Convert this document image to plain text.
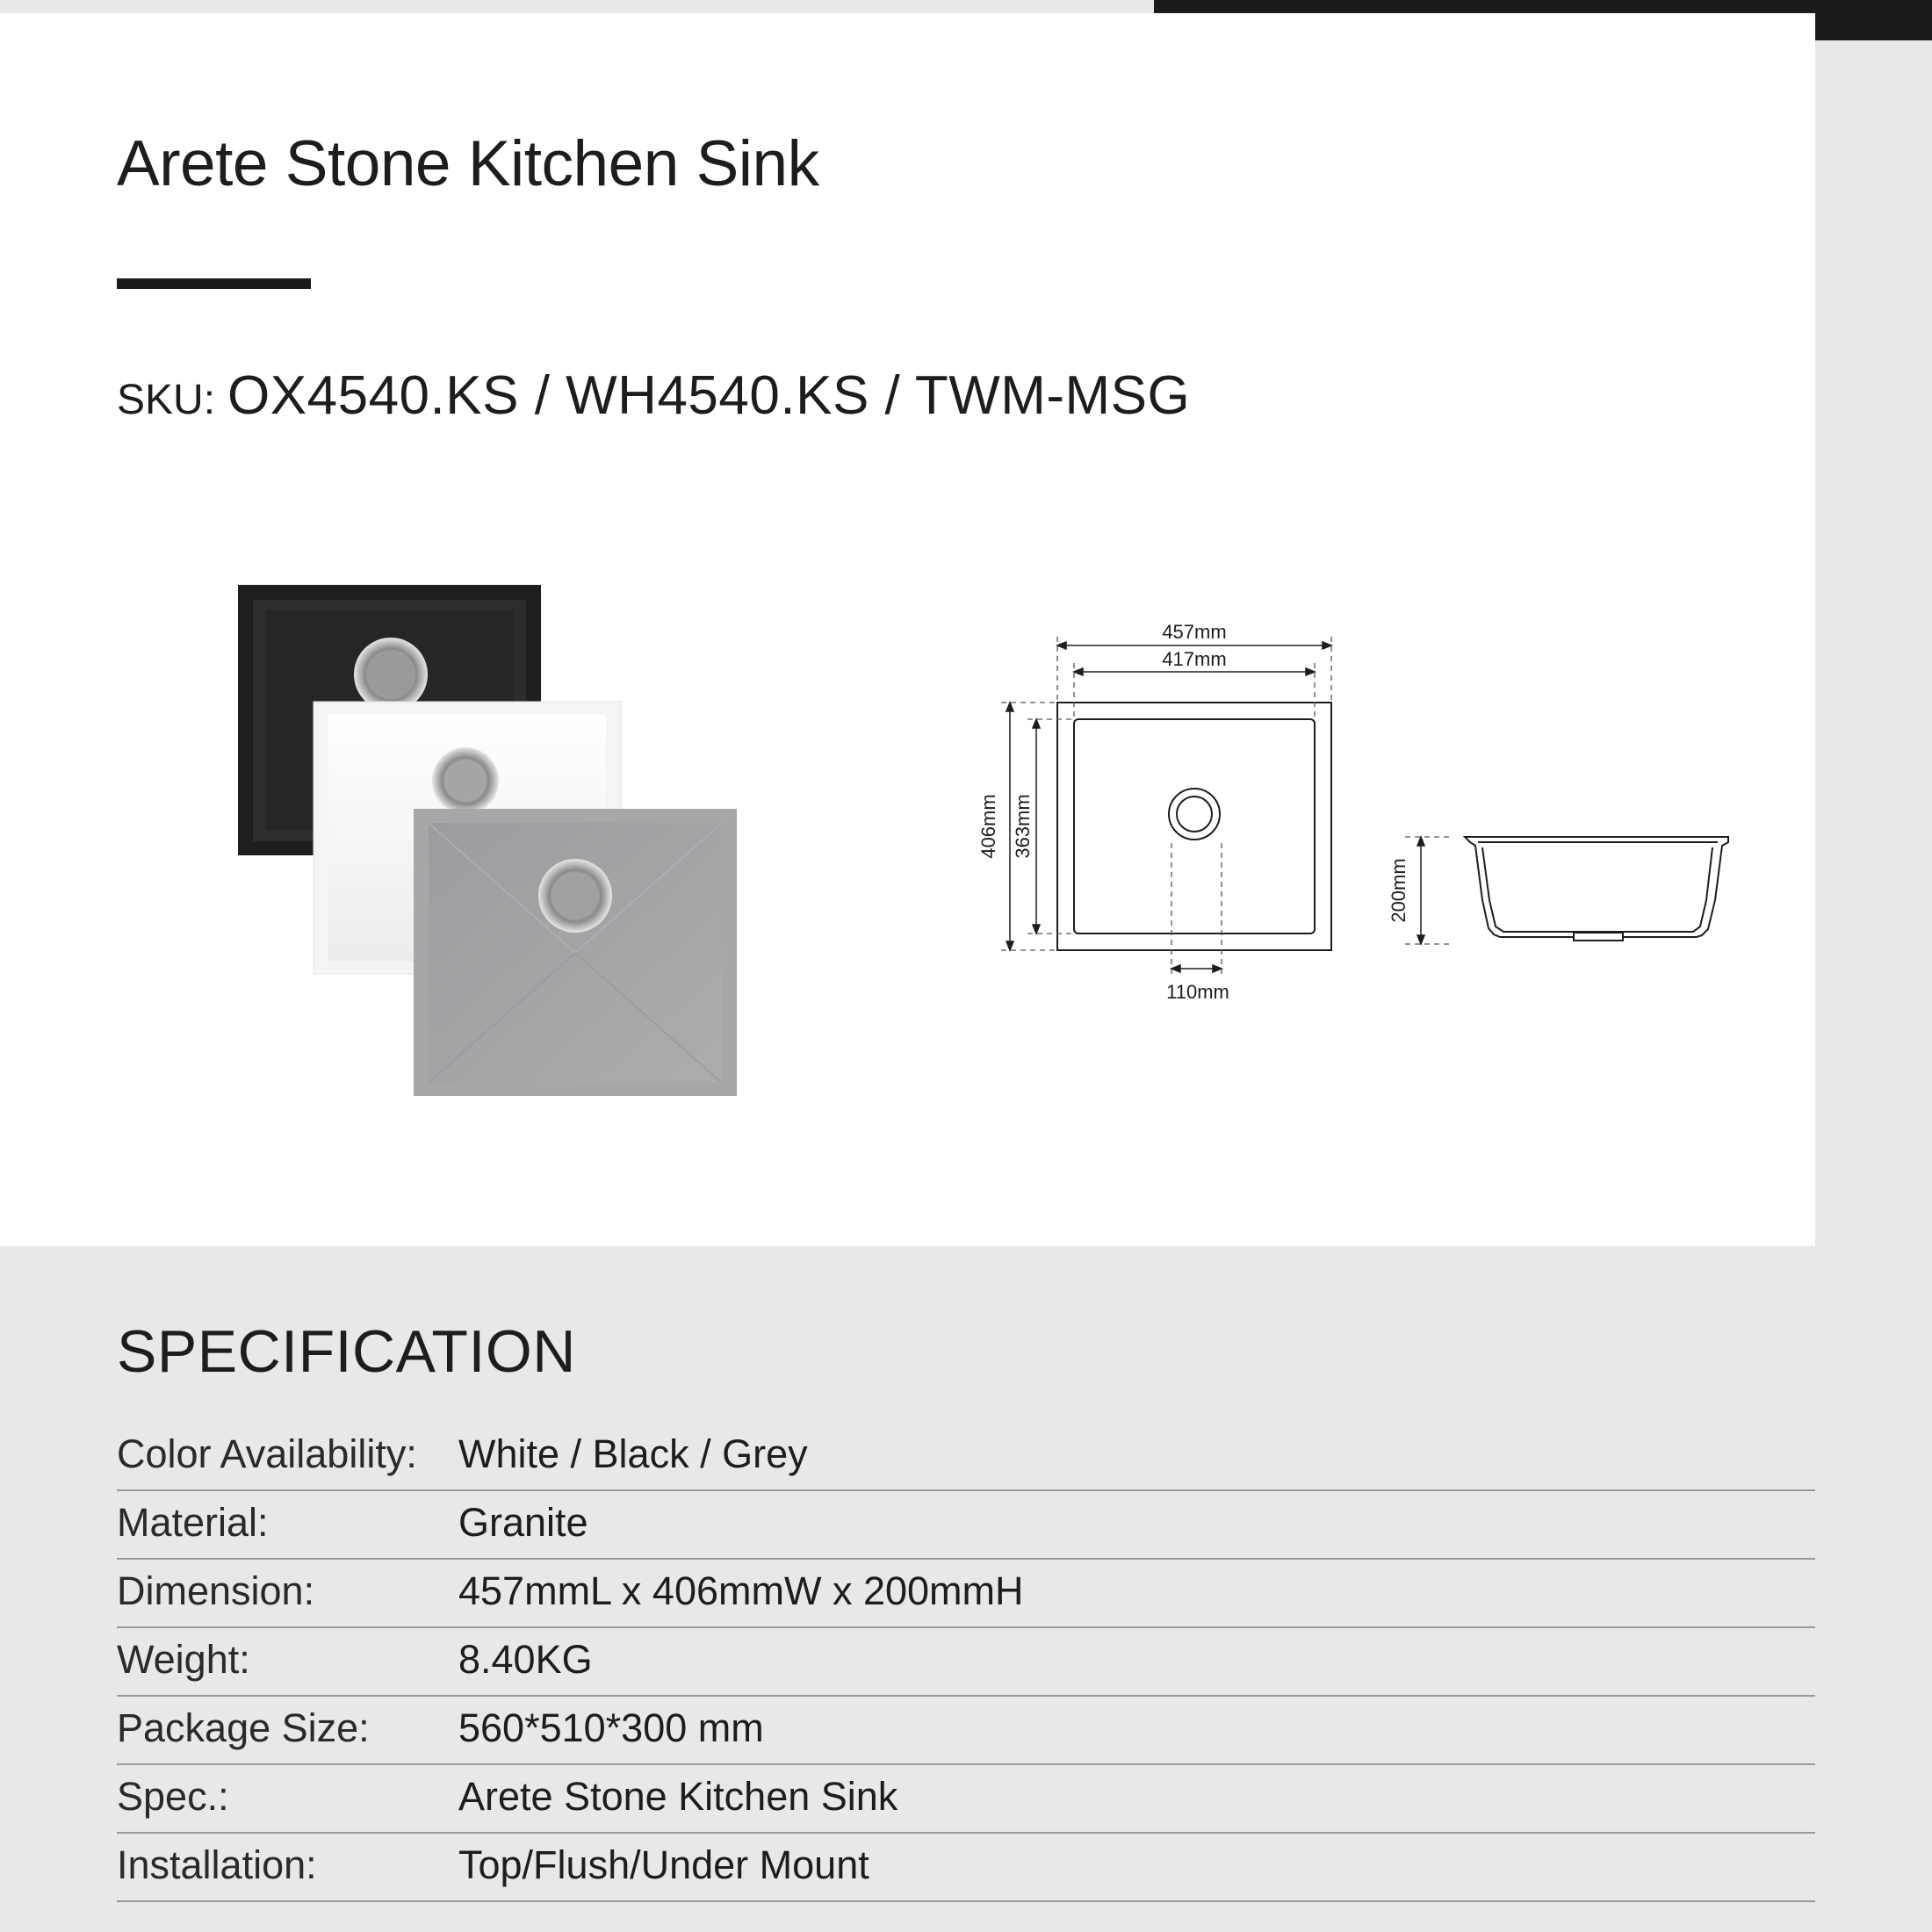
Arete Stone Kitchen Sink
SKU: OX4540.KS / WH4540.KS / TWM-MSG
457mm
417mm
406mm 363mm
110mm
200mm
SPECIFICATION
Color Availability: White / Black / Grey
Material:	Granite
Dimension:	457mmL x 406mmW x 200mmH
Weight:	8.40KG
Package Size: 560*510*300 mm
Spec.:	Arete Stone Kitchen Sink
Installation:	Top/Flush/Under Mount
